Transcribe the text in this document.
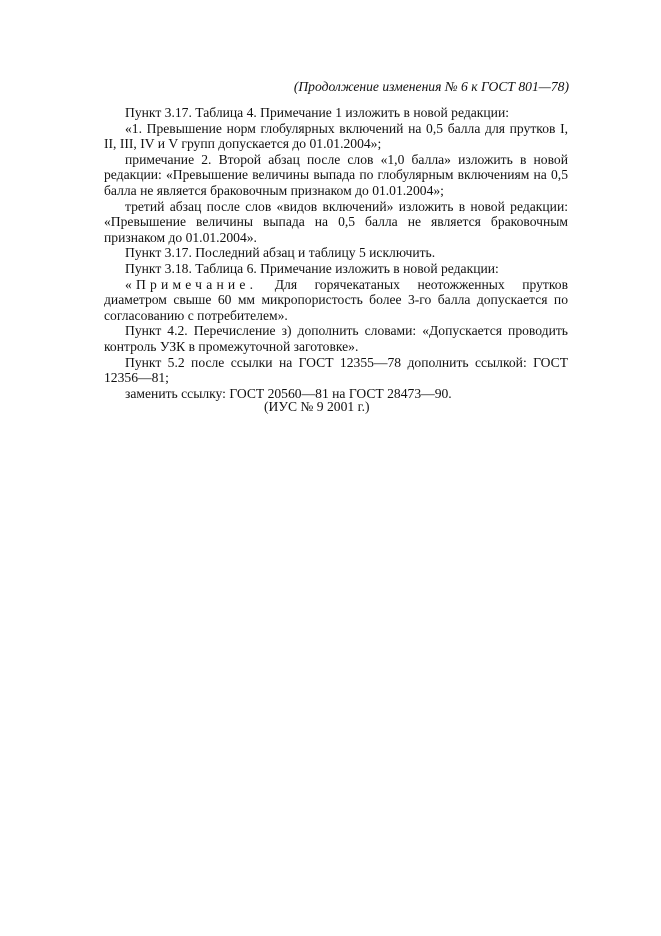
(Продолжение изменения № 6 к ГОСТ 801—78)

Пункт 3.17. Таблица 4. Примечание 1 изложить в новой редакции:

«1. Превышение норм глобулярных включений на 0,5 балла для прутков I, II, III, IV и V групп допускается до 01.01.2004»;

примечание 2. Второй абзац после слов «1,0 балла» изложить в новой редакции: «Превышение величины выпада по глобулярным включениям на 0,5 балла не является браковочным признаком до 01.01.2004»;

третий абзац после слов «видов включений» изложить в новой редакции: «Превышение величины выпада на 0,5 балла не является браковочным признаком до 01.01.2004».

Пункт 3.17. Последний абзац и таблицу 5 исключить.

Пункт 3.18. Таблица 6. Примечание изложить в новой редакции:

«Примечание. Для горячекатаных неотожженных прутков диаметром свыше 60 мм микропористость более 3-го балла допускается по согласованию с потребителем».

Пункт 4.2. Перечисление з) дополнить словами: «Допускается проводить контроль УЗК в промежуточной заготовке».

Пункт 5.2 после ссылки на ГОСТ 12355—78 дополнить ссылкой: ГОСТ 12356—81;

заменить ссылку: ГОСТ 20560—81 на ГОСТ 28473—90.

(ИУС № 9 2001 г.)
